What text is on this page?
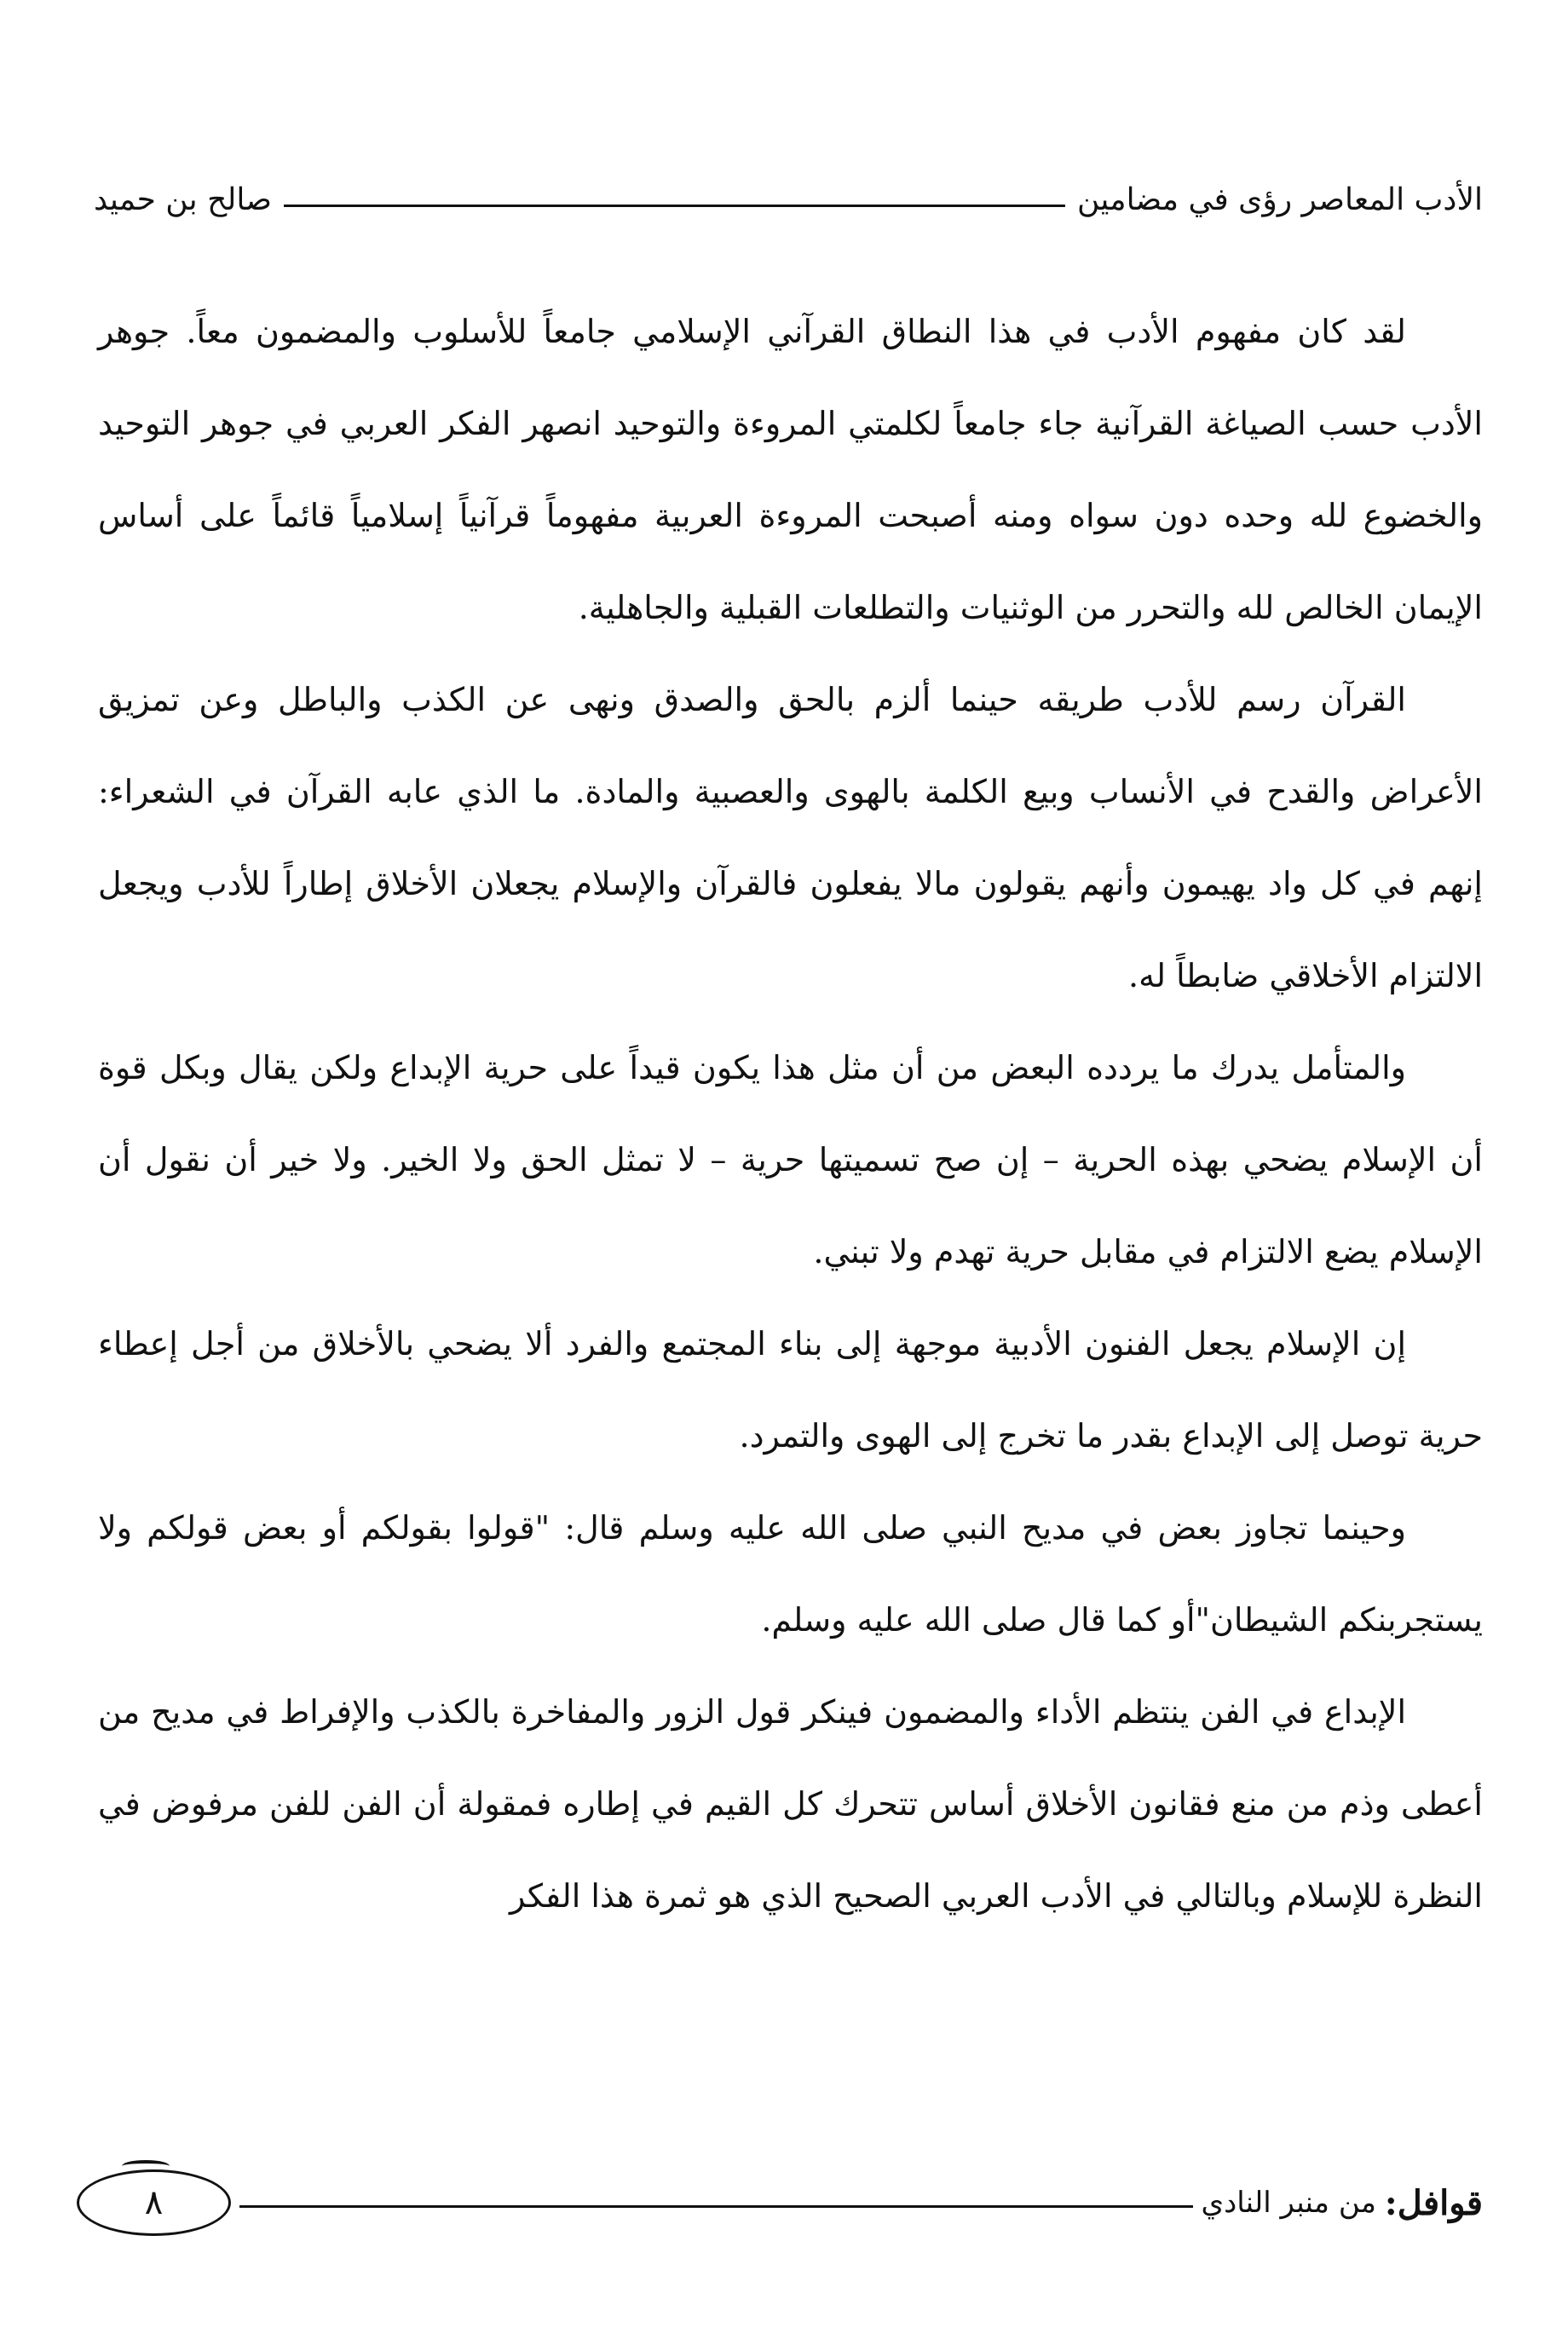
الأدب المعاصر رؤى في مضامين
صالح بن حميد

لقد كان مفهوم الأدب في هذا النطاق القرآني الإسلامي جامعاً للأسلوب والمضمون معاً. جوهر الأدب حسب الصياغة القرآنية جاء جامعاً لكلمتي المروءة والتوحيد انصهر الفكر العربي في جوهر التوحيد والخضوع لله وحده دون سواه ومنه أصبحت المروءة العربية مفهوماً قرآنياً إسلامياً قائماً على أساس الإيمان الخالص لله والتحرر من الوثنيات والتطلعات القبلية والجاهلية.

القرآن رسم للأدب طريقه حينما ألزم بالحق والصدق ونهى عن الكذب والباطل وعن تمزيق الأعراض والقدح في الأنساب وبيع الكلمة بالهوى والعصبية والمادة. ما الذي عابه القرآن في الشعراء: إنهم في كل واد يهيمون وأنهم يقولون مالا يفعلون فالقرآن والإسلام يجعلان الأخلاق إطاراً للأدب ويجعل الالتزام الأخلاقي ضابطاً له.

والمتأمل يدرك ما يردده البعض من أن مثل هذا يكون قيداً على حرية الإبداع ولكن يقال وبكل قوة أن الإسلام يضحي بهذه الحرية – إن صح تسميتها حرية – لا تمثل الحق ولا الخير. ولا خير أن نقول أن الإسلام يضع الالتزام في مقابل حرية تهدم ولا تبني.

إن الإسلام يجعل الفنون الأدبية موجهة إلى بناء المجتمع والفرد ألا يضحي بالأخلاق من أجل إعطاء حرية توصل إلى الإبداع بقدر ما تخرج إلى الهوى والتمرد.

وحينما تجاوز بعض في مديح النبي صلى الله عليه وسلم قال: "قولوا بقولكم أو بعض قولكم ولا يستجربنكم الشيطان"أو كما قال صلى الله عليه وسلم.

الإبداع في الفن ينتظم الأداء والمضمون فينكر قول الزور والمفاخرة بالكذب والإفراط في مديح من أعطى وذم من منع فقانون الأخلاق أساس تتحرك كل القيم في إطاره فمقولة أن الفن للفن مرفوض في النظرة للإسلام وبالتالي في الأدب العربي الصحيح الذي هو ثمرة هذا الفكر

قوافل
:
من منبر النادي
٨
